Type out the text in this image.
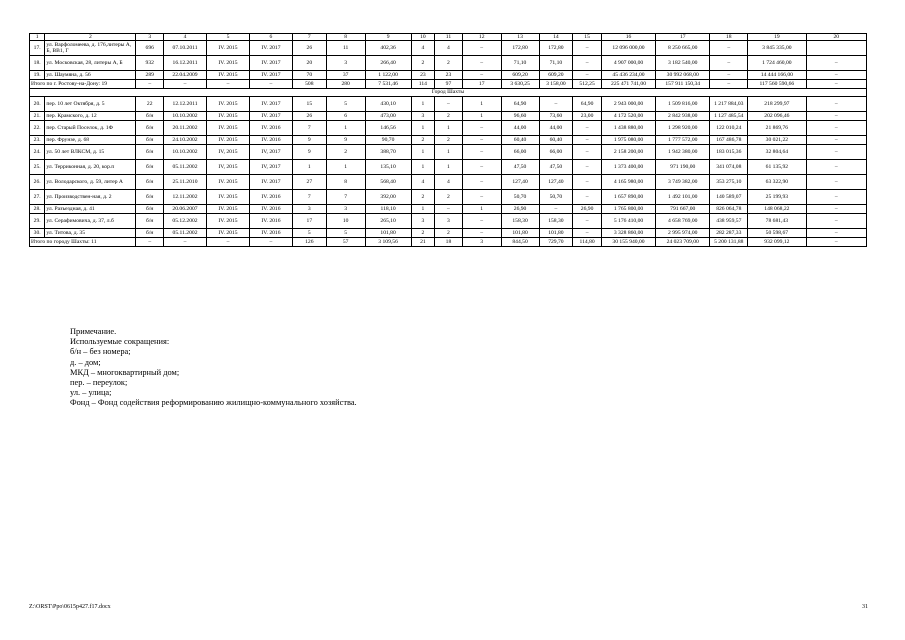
1	2	3	4	5	6	7	8	9	10	11	12	13	14	15	16	17	18	19	20
17.	ул. Варфоломеева, д. 176,литеры А, Б, ВВ1, Г	696	07.10.2011	IV. 2015	IV. 2017	26	11	402,36	4	4	–	172,80	172,80	–	12 096 000,00	8 250 665,00	–	3 845 335,00	
18.	ул. Московская, 28, литеры А, Б	932	16.12.2011	IV. 2015	IV. 2017	20	3	266,40	2	2	–	71,10	71,10	–	4 907 000,00	3 182 540,00	–	1 724 460,00	–
19.	ул. Шаумяна, д. 56	289	22.04.2009	IV. 2015	IV. 2017	70	37	1 122,00	23	23	–	609,20	609,20	–	45 436 234,00	30 992 068,00	–	14 444 166,00	–
Итого по г. Ростову-на-Дону: 19		–	–	–	–	508	280	7 531,46	114	97	17	3 630,25	3 158,00	512,25	225 471 741,00	157 911 150,34	–	117 560 590,66	–
Город Шахты																			
20.	пер. 10 лет Октября, д. 5	22	12.12.2011	IV. 2015	IV. 2017	15	5	430,10	1	–	1	64,90	–	64,90	2 943 000,00	1 509 816,00	1 217 884,03	218 299,97	–
21.	пер. Крамского, д. 12	б/н	10.10.2002	IV. 2015	IV. 2017	26	6	473,00	3	2	1	96,60	73,60	23,00	4 172 520,00	2 842 938,00	1 127 485,54	202 096,46	–
22.	пер. Старый Поселок, д. 1Ф	б/н	20.11.2002	IV. 2015	IV. 2016	7	1	146,56	1	1	–	44,00	44,00	–	1 438 880,00	1 298 920,00	122 010,24	21 869,76	–
23.	пер. Фрунзе, д. 68	б/н	24.10.2002	IV. 2015	IV. 2016	9	9	90,70	2	2	–	60,40	60,40	–	1 975 080,00	1 777 572,00	167 486,78	30 021,22	–
24.	ул. 50 лет ВЛКСМ, д. 15	б/н	10.10.2002	IV, 2015	IV, 2017	9	2	388,70	1	1	–	66,00	66,00	–	2 158 200,00	1 942 380,00	183 015,36	32 804,64	–
25.	ул. Терриконная, д. 20, кор.п	б/н	05.11.2002	IV, 2015	IV, 2017	1	1	135,10	1	1	–	47,50	47,50	–	1 373 400,00	971 190,00	341 074,08	61 135,92	–
26.	ул. Володарского, д. 59, литер А	б/н	25.11.2010	IV. 2015	IV. 2017	27	8	568,40	4	4	–	127,40	127,40	–	4 165 980,00	3 749 382,00	353 275,10	63 322,90	–
27.	ул. Производствен-ная, д. 2	б/н	12.11.2002	IV. 2015	IV. 2016	7	7	392,00	2	2	–	50,70	50,70	–	1 657 890,00	1 492 101,00	140 589,07	25 199,93	–
28.	ул. Разъездная, д. 41	б/н	20.06.2007	IV. 2015	IV. 2016	3	3	118,10	1	–	1	26,90	–	26,90	1 765 800,00	791 667,00	826 064,78	148 068,22	–
29.	ул. Серафимовича, д. 37, л.б	б/н	05.12.2002	IV. 2015	IV. 2016	17	10	265,10	3	3	–	158,30	158,30	–	5 176 410,00	4 658 769,00	438 959,57	78 681,43	–
30.	ул. Титова, д. 35	б/н	05.11.2002	IV. 2015	IV. 2016	5	5	101,80	2	2	–	101,80	101,80	–	3 328 860,00	2 995 974,00	282 287,33	50 598,67	–
Итого по городу Шахты: 11		–	–	–	–	126	57	3 109,56	21	18	3	844,50	729,70	114,80	30 155 940,00	24 023 709,00	5 200 131,88	932 099,12	–
Примечание.
Используемые сокращения:
б/н – без номера;
д. – дом;
МКД – многоквартирный дом;
пер. – переулок;
ул. – улица;
Фонд – Фонд содействия реформированию жилищно-коммунального хозяйства.
Z:\ORST\Ppo\0615p427.f17.docx	31
